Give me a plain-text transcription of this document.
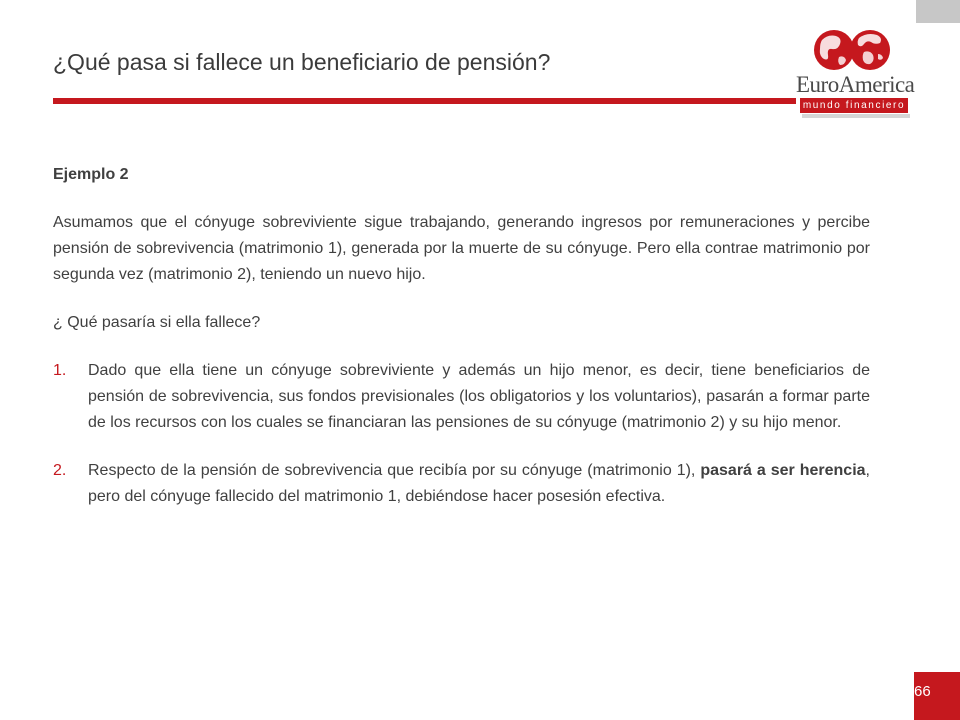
¿Qué pasa si fallece un beneficiario de pensión?
EuroAmerica
mundo financiero

Ejemplo 2

Asumamos que el cónyuge sobreviviente sigue trabajando, generando ingresos por remuneraciones y percibe pensión de sobrevivencia (matrimonio 1), generada por la muerte de su cónyuge. Pero ella contrae matrimonio por segunda vez (matrimonio 2), teniendo un nuevo hijo.

¿ Qué pasaría si ella fallece?

1. Dado que ella tiene un cónyuge sobreviviente y además un hijo menor, es decir, tiene beneficiarios de pensión de sobrevivencia, sus fondos previsionales (los obligatorios y los voluntarios), pasarán a formar parte de los recursos con los cuales se financiaran las pensiones de su cónyuge (matrimonio 2) y su hijo menor.
2. Respecto de la pensión de sobrevivencia que recibía por su cónyuge (matrimonio 1), pasará a ser herencia, pero del cónyuge fallecido del matrimonio 1, debiéndose hacer posesión efectiva.
66
